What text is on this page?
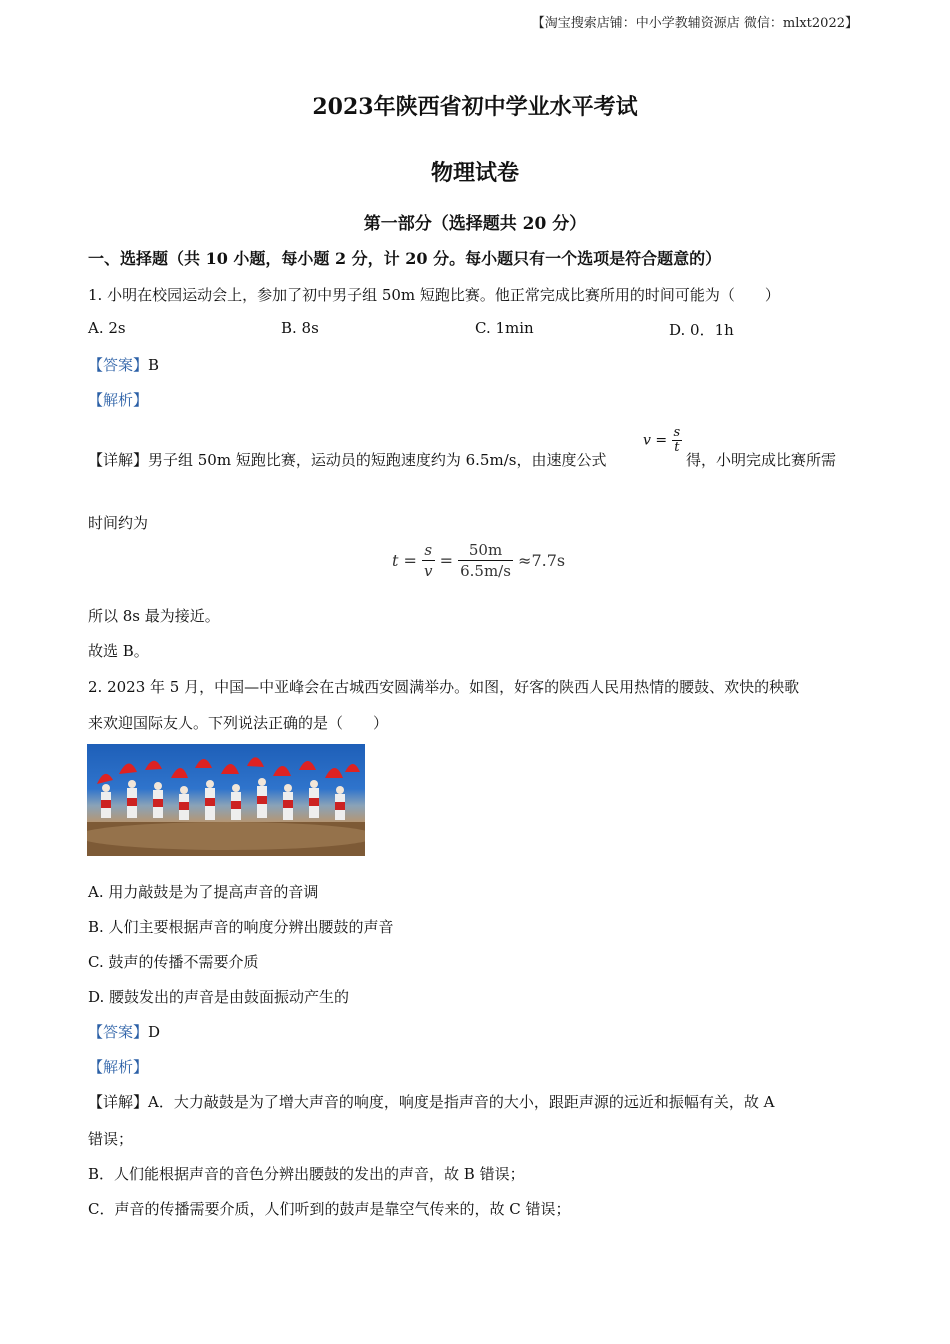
【淘宝搜索店铺：中小学教辅资源店 微信：mlxt2022】
2023年陕西省初中学业水平考试
物理试卷
第一部分（选择题共 20 分）
一、选择题（共 10 小题，每小题 2 分，计 20 分。每小题只有一个选项是符合题意的）
1. 小明在校园运动会上，参加了初中男子组 50m 短跑比赛。他正常完成比赛所用的时间可能为（　　）
A. 2s	B. 8s	C. 1min	D. 0．1h
【答案】B
【解析】
【详解】男子组 50m 短跑比赛，运动员的短跑速度约为 6.5m/s，由速度公式
$v = \frac{s}{t}$
得，小明完成比赛所需
时间约为
$t = \frac{s}{v} = \frac{50m}{6.5m/s} \approx 7.7s$
所以 8s 最为接近。
故选 B。
2. 2023 年 5 月，中国—中亚峰会在古城西安圆满举办。如图，好客的陕西人民用热情的腰鼓、欢快的秧歌
来欢迎国际友人。下列说法正确的是（　　）
A. 用力敲鼓是为了提高声音的音调
B. 人们主要根据声音的响度分辨出腰鼓的声音
C. 鼓声的传播不需要介质
D. 腰鼓发出的声音是由鼓面振动产生的
【答案】D
【解析】
【详解】A．大力敲鼓是为了增大声音的响度，响度是指声音的大小，跟距声源的远近和振幅有关，故 A
错误；
B．人们能根据声音的音色分辨出腰鼓的发出的声音，故 B 错误；
C．声音的传播需要介质，人们听到的鼓声是靠空气传来的，故 C 错误；
